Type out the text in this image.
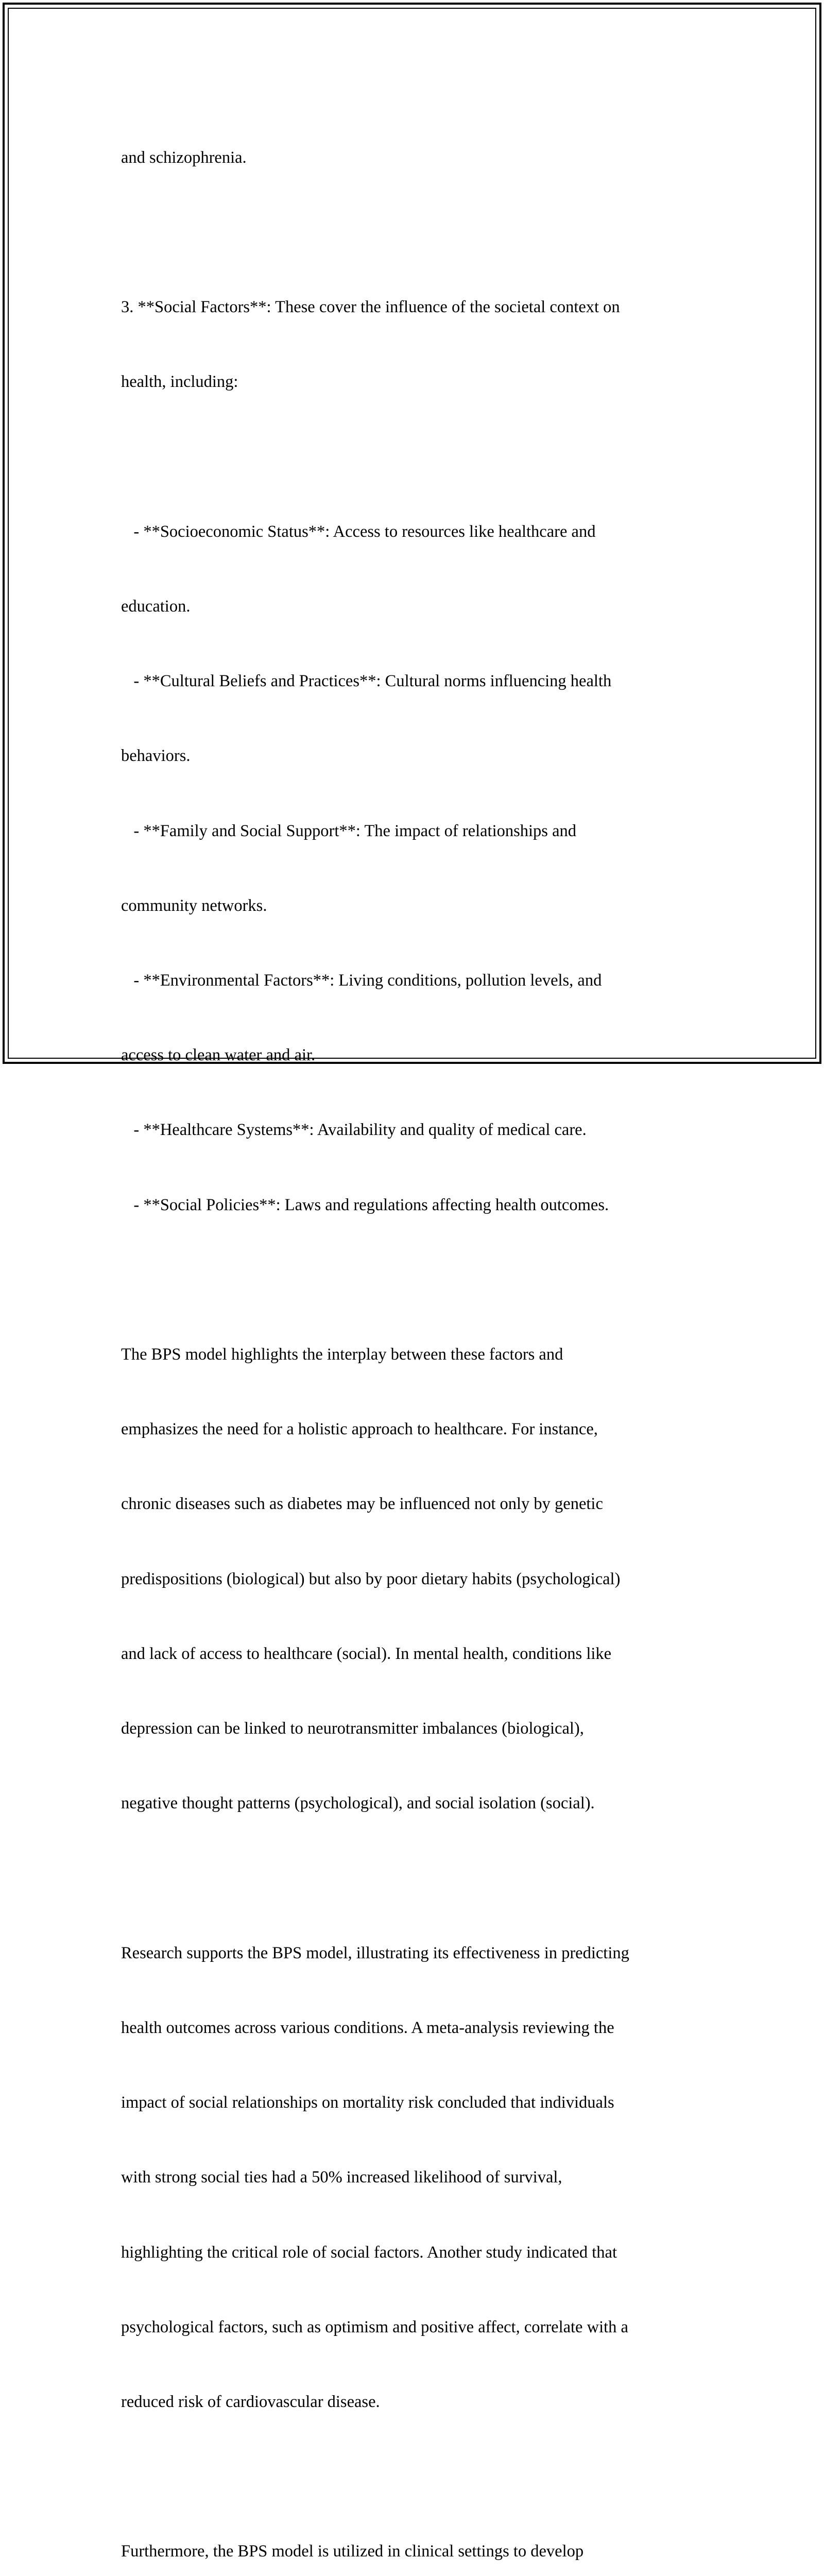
and schizophrenia.

3. **Social Factors**: These cover the influence of the societal context on

health, including:

- **Socioeconomic Status**: Access to resources like healthcare and

education.

- **Cultural Beliefs and Practices**: Cultural norms influencing health

behaviors.

- **Family and Social Support**: The impact of relationships and

community networks.

- **Environmental Factors**: Living conditions, pollution levels, and

access to clean water and air.

- **Healthcare Systems**: Availability and quality of medical care.

- **Social Policies**: Laws and regulations affecting health outcomes.

The BPS model highlights the interplay between these factors and

emphasizes the need for a holistic approach to healthcare. For instance,

chronic diseases such as diabetes may be influenced not only by genetic

predispositions (biological) but also by poor dietary habits (psychological)

and lack of access to healthcare (social). In mental health, conditions like

depression can be linked to neurotransmitter imbalances (biological),

negative thought patterns (psychological), and social isolation (social).

Research supports the BPS model, illustrating its effectiveness in predicting

health outcomes across various conditions. A meta-analysis reviewing the

impact of social relationships on mortality risk concluded that individuals

with strong social ties had a 50% increased likelihood of survival,

highlighting the critical role of social factors. Another study indicated that

psychological factors, such as optimism and positive affect, correlate with a

reduced risk of cardiovascular disease.

Furthermore, the BPS model is utilized in clinical settings to develop
